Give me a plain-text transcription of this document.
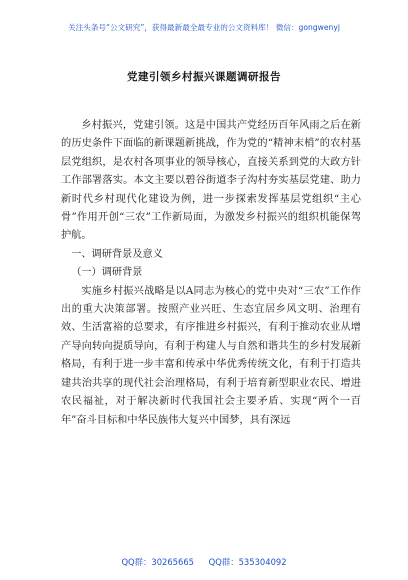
关注头条号“公文研究”，获得最新最全最专业的公文资料库！ 微信：gongwenyj
党建引领乡村振兴课题调研报告

乡村振兴，党建引领。这是中国共产党经历百年风雨之后在新的历史条件下面临的新课题新挑战，作为党的“精神末梢”的农村基层党组织，是农村各项事业的领导核心，直接关系到党的大政方针工作部署落实。本文主要以碧谷街道李子沟村夯实基层党建、助力新时代乡村现代化建设为例，进一步探索发挥基层党组织“主心骨”作用开创“三农”工作新局面，为激发乡村振兴的组织机能保驾护航。

一、调研背景及意义

（一）调研背景

实施乡村振兴战略是以A同志为核心的党中央对“三农”工作作出的重大决策部署。按照产业兴旺、生态宜居乡风文明、治理有效、生活富裕的总要求，有序推进乡村振兴，有利于推动农业从增产导向转向提质导向，有利于构建人与自然和谐共生的乡村发展新格局，有利于进一步丰富和传承中华优秀传统文化，有利于打造共建共治共享的现代社会治理格局，有利于培育新型职业农民、增进农民福祉，对于解决新时代我国社会主要矛盾、实现“两个一百年”奋斗目标和中华民族伟大复兴中国梦，具有深远

QQ群：30265665 QQ群：535304092
